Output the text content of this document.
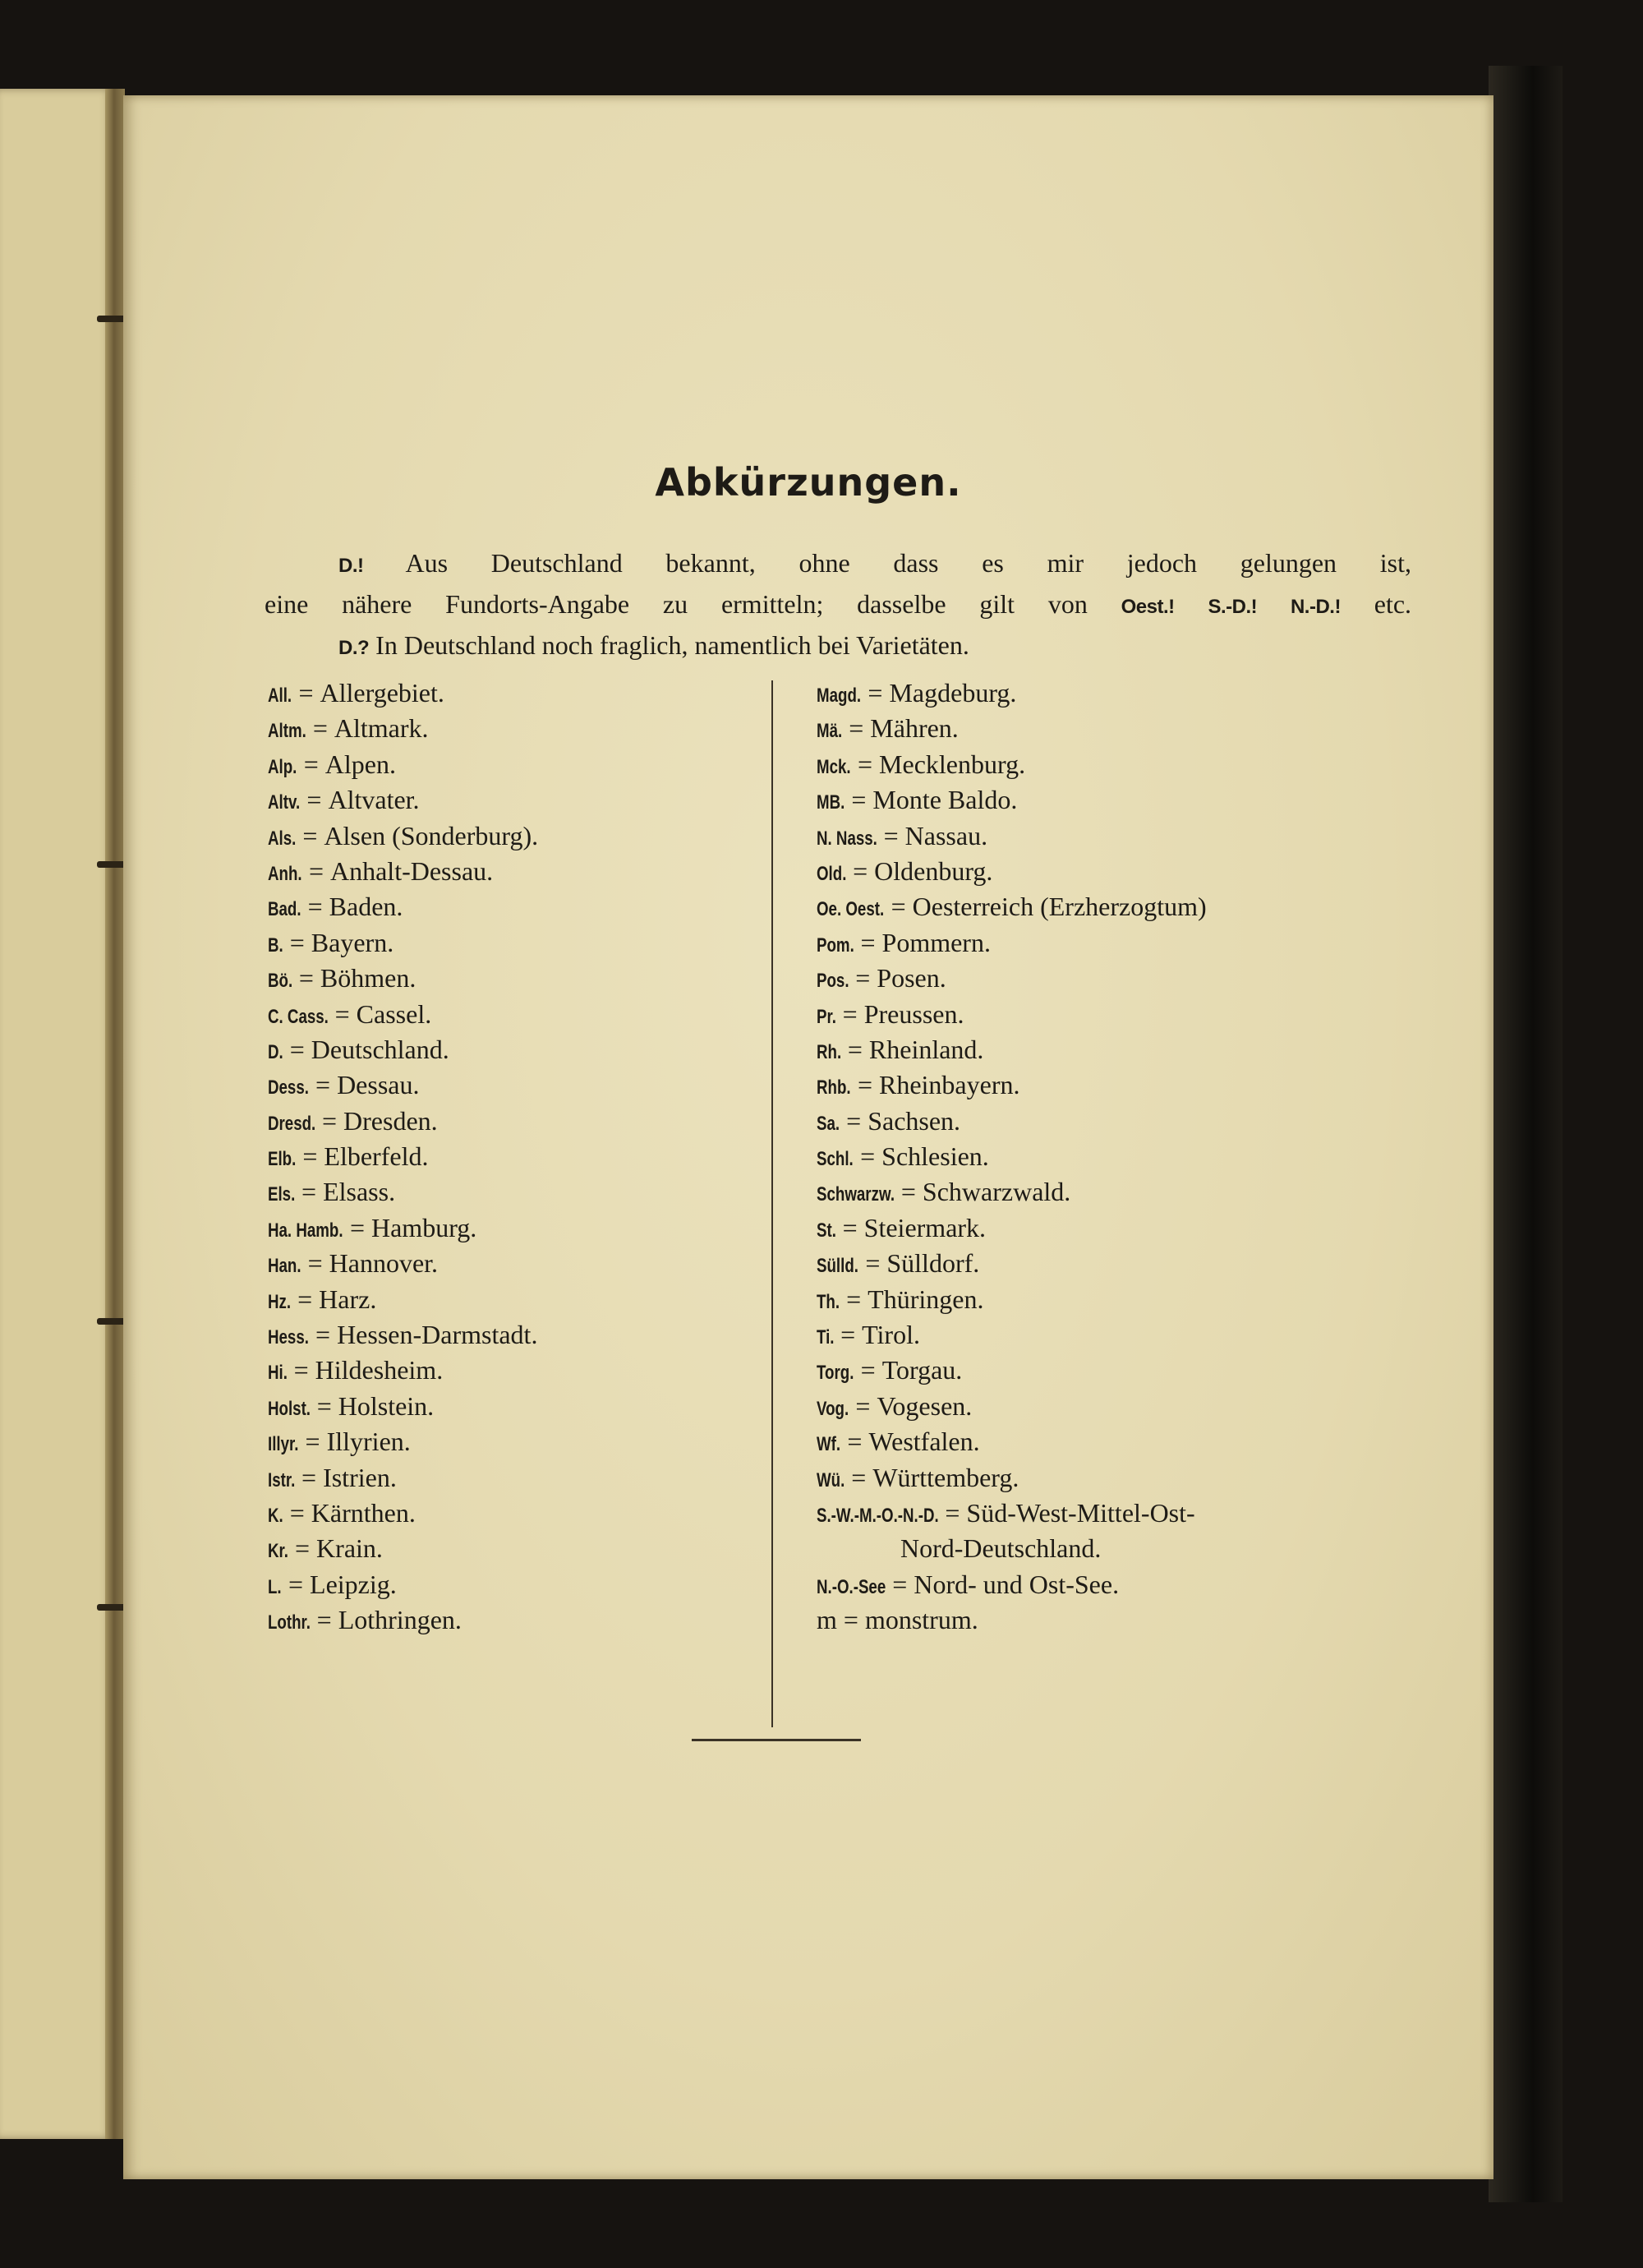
Abkürzungen.
D.! Aus Deutschland bekannt, ohne dass es mir jedoch gelungen ist,
eine nähere Fundorts-Angabe zu ermitteln; dasselbe gilt von Oest.! S.-D.! N.-D.! etc.
D.? In Deutschland noch fraglich, namentlich bei Varietäten.
All. = Allergebiet.
Altm. = Altmark.
Alp. = Alpen.
Altv. = Altvater.
Als. = Alsen (Sonderburg).
Anh. = Anhalt-Dessau.
Bad. = Baden.
B. = Bayern.
Bö. = Böhmen.
C. Cass. = Cassel.
D. = Deutschland.
Dess. = Dessau.
Dresd. = Dresden.
Elb. = Elberfeld.
Els. = Elsass.
Ha. Hamb. = Hamburg.
Han. = Hannover.
Hz. = Harz.
Hess. = Hessen-Darmstadt.
Hi. = Hildesheim.
Holst. = Holstein.
Illyr. = Illyrien.
Istr. = Istrien.
K. = Kärnthen.
Kr. = Krain.
L. = Leipzig.
Lothr. = Lothringen.
Magd. = Magdeburg.
Mä. = Mähren.
Mck. = Mecklenburg.
MB. = Monte Baldo.
N. Nass. = Nassau.
Old. = Oldenburg.
Oe. Oest. = Oesterreich (Erzherzogtum)
Pom. = Pommern.
Pos. = Posen.
Pr. = Preussen.
Rh. = Rheinland.
Rhb. = Rheinbayern.
Sa. = Sachsen.
Schl. = Schlesien.
Schwarzw. = Schwarzwald.
St. = Steiermark.
Sülld. = Sülldorf.
Th. = Thüringen.
Ti. = Tirol.
Torg. = Torgau.
Vog. = Vogesen.
Wf. = Westfalen.
Wü. = Württemberg.
S.-W.-M.-O.-N.-D. = Süd-West-Mittel-Ost-
Nord-Deutschland.
N.-O.-See = Nord- und Ost-See.
m = monstrum.
